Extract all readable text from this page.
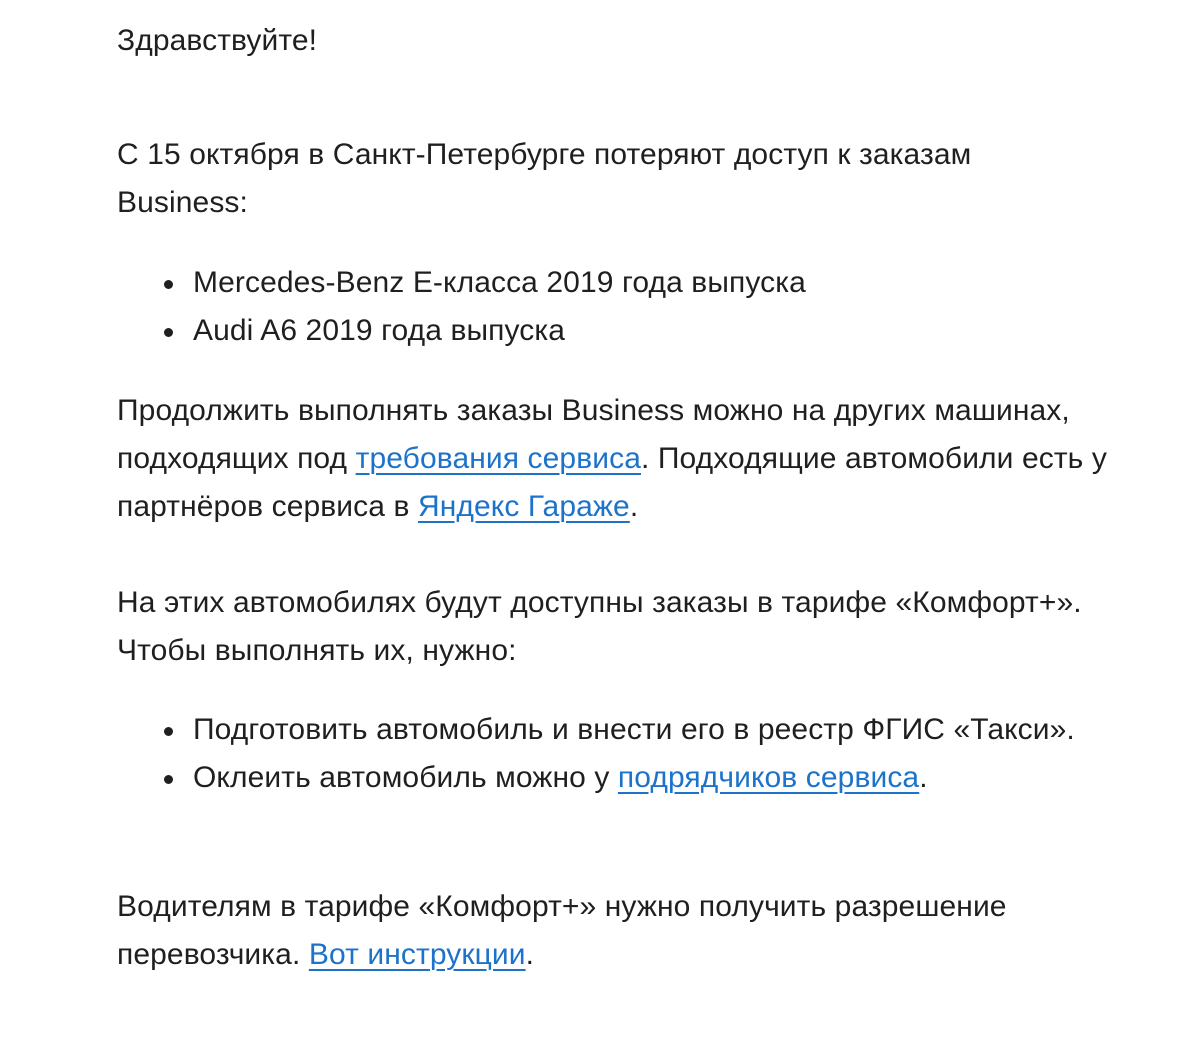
Здравствуйте!

С 15 октября в Санкт-Петербурге потеряют доступ к заказам Business:

Mercedes-Benz E-класса 2019 года выпуска
Audi A6 2019 года выпуска

Продолжить выполнять заказы Business можно на других машинах, подходящих под требования сервиса. Подходящие автомобили есть у партнёров сервиса в Яндекс Гараже.

На этих автомобилях будут доступны заказы в тарифе «Комфорт+». Чтобы выполнять их, нужно:

Подготовить автомобиль и внести его в реестр ФГИС «Такси».
Оклеить автомобиль можно у подрядчиков сервиса.

Водителям в тарифе «Комфорт+» нужно получить разрешение перевозчика. Вот инструкции.
